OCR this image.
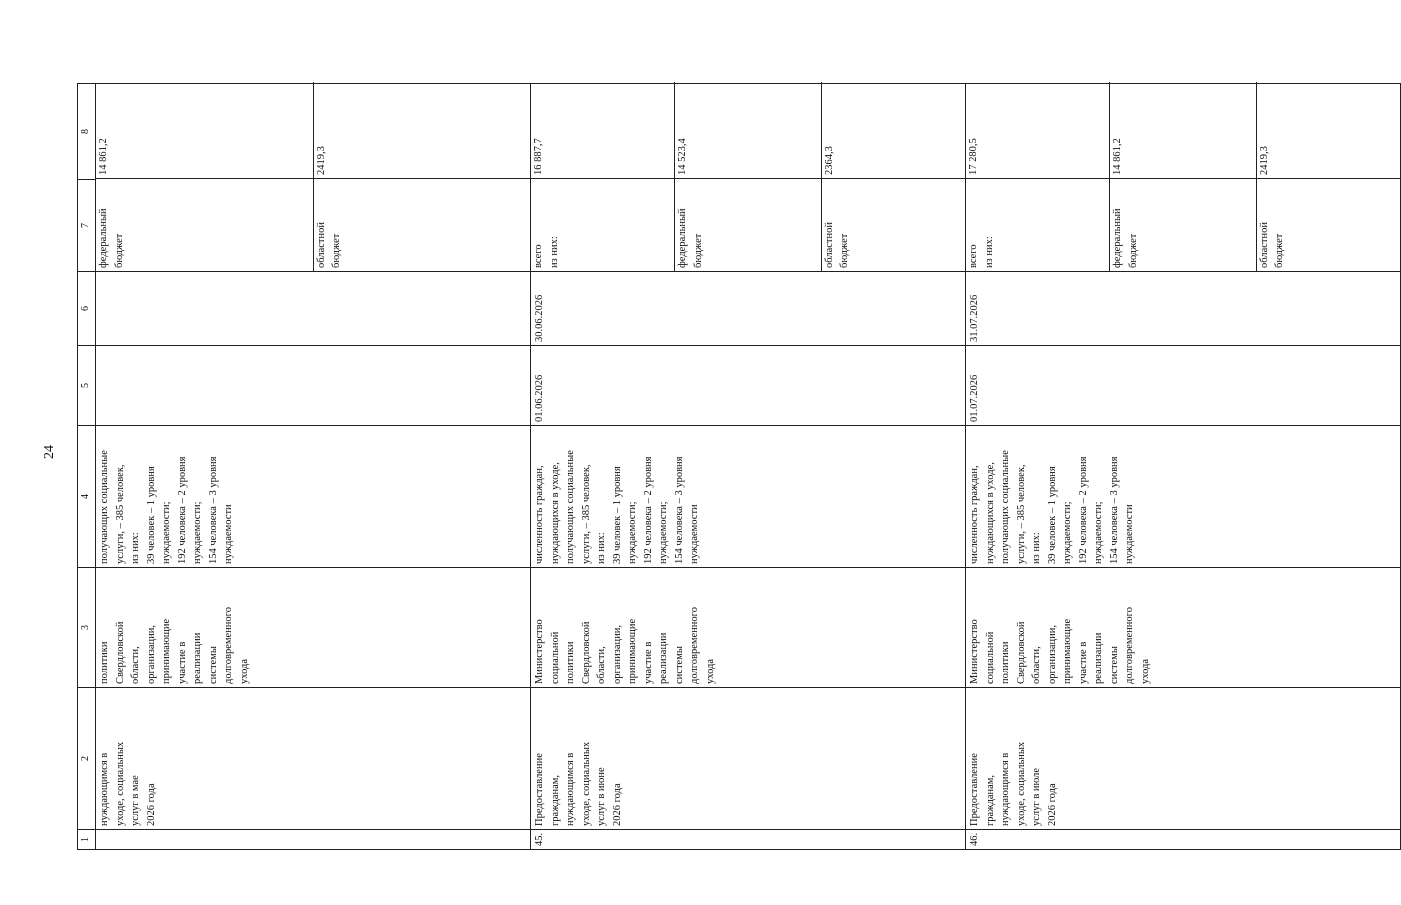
24
1	2	3	4	5	6	7	8
	нуждающимся в
уходе, социальных
услуг в мае
2026 года	политики
Свердловской
области,
организации,
принимающие
участие в
реализации
системы
долговременного
ухода	получающих социальные
услуги, – 385 человек,
из них:
39 человек – 1 уровня
нуждаемости;
192 человека – 2 уровня
нуждаемости;
154 человека – 3 уровня
нуждаемости			
федеральный
бюджет	14 861,2
областной
бюджет	2419,3

45.	Предоставление
гражданам,
нуждающимся в
уходе, социальных
услуг в июне
2026 года	Министерство
социальной
политики
Свердловской
области,
организации,
принимающие
участие в
реализации
системы
долговременного
ухода	численность граждан,
нуждающихся в уходе,
получающих социальные
услуги, – 385 человек,
из них:
39 человек – 1 уровня
нуждаемости;
192 человека – 2 уровня
нуждаемости;
154 человека – 3 уровня
нуждаемости	01.06.2026	30.06.2026	
всего
из них:	16 887,7
федеральный
бюджет	14 523,4
областной
бюджет	2364,3

46.	Предоставление
гражданам,
нуждающимся в
уходе, социальных
услуг в июле
2026 года	Министерство
социальной
политики
Свердловской
области,
организации,
принимающие
участие в
реализации
системы
долговременного
ухода	численность граждан,
нуждающихся в уходе,
получающих социальные
услуги, – 385 человек,
из них:
39 человек – 1 уровня
нуждаемости;
192 человека – 2 уровня
нуждаемости;
154 человека – 3 уровня
нуждаемости	01.07.2026	31.07.2026	
всего
из них:	17 280,5
федеральный
бюджет	14 861,2
областной
бюджет	2419,3
